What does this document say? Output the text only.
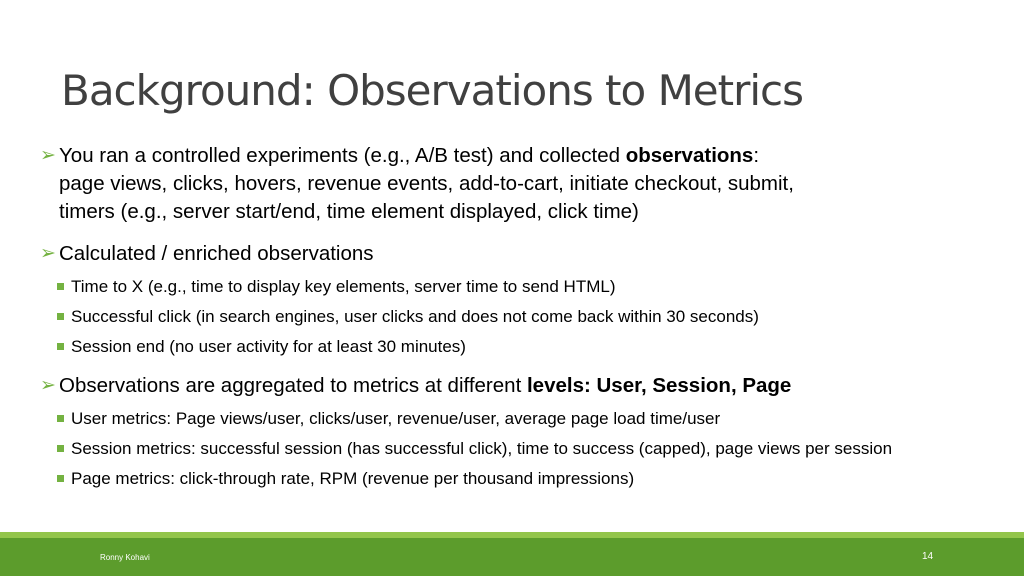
Background: Observations to Metrics
➢ You ran a controlled experiments (e.g., A/B test) and collected observations:
page views, clicks, hovers, revenue events, add-to-cart, initiate checkout, submit,
timers (e.g., server start/end, time element displayed, click time)
➢ Calculated / enriched observations
Time to X (e.g., time to display key elements, server time to send HTML)
Successful click (in search engines, user clicks and does not come back within 30 seconds)
Session end (no user activity for at least 30 minutes)
➢ Observations are aggregated to metrics at different levels: User, Session, Page
User metrics: Page views/user, clicks/user, revenue/user, average page load time/user
Session metrics: successful session (has successful click), time to success (capped), page views per session
Page metrics: click-through rate, RPM (revenue per thousand impressions)
Ronny Kohavi	14
